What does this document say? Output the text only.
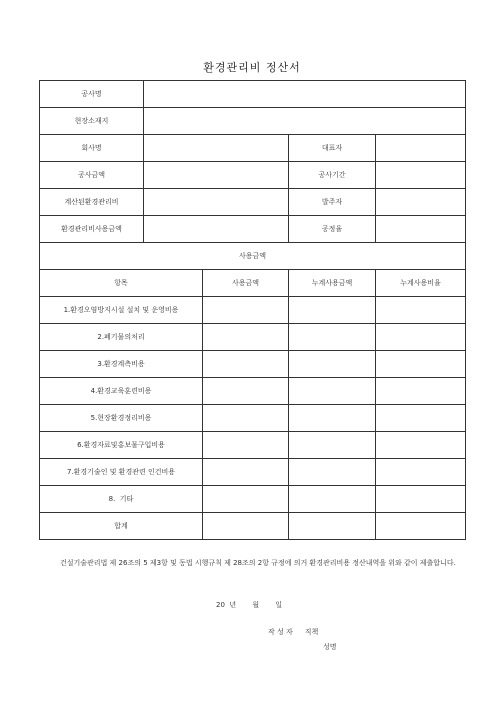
환경관리비 정산서
공사명				
현장소재지				
회사명			대표자	
공사금액			공사기간	
계산된환경관리비			발주자	
환경관리비사용금액			공정율	
사용금액				
항목		사용금액	누계사용금액	누계사용비율
1.환경오염방지시설 설치 및 운영비용				
2.폐기물의처리				
3.환경계측비용				
4.환경교육훈련비용				
5.현장환경정리비용				
6.환경자료및홍보물구입비용				
7.환경기술인 및 환경관련 인건비용				
8.  기타				
합계				
건설기술관리법 제 26조의 5 제3항 및 동법 시행규칙 제 28조의 2항 규정에 의거 환경관리비용 정산내역을 위와 같이 제출합니다.
20  년 월 일
작 성 자 직책
성명
